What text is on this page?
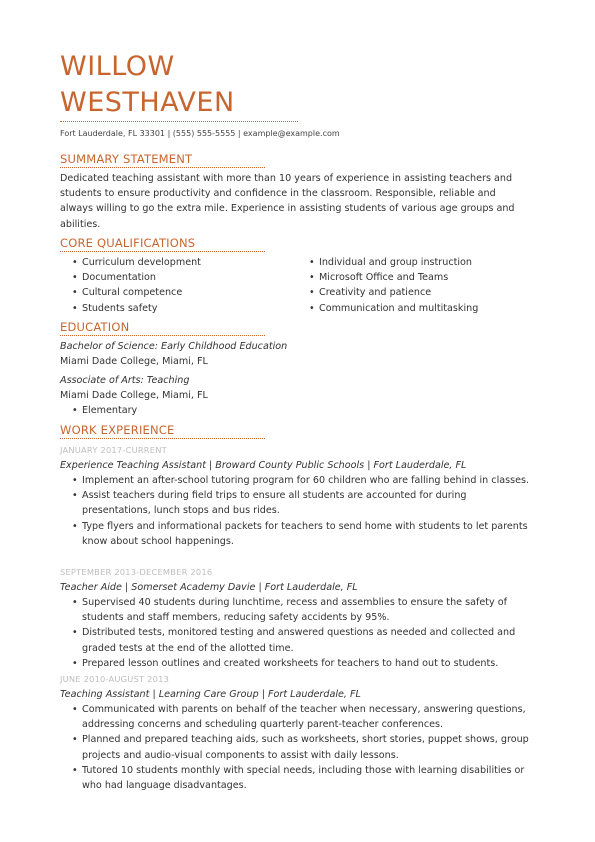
WILLOW
WESTHAVEN
Fort Lauderdale, FL 33301 | (555) 555-5555 | example@example.com
SUMMARY STATEMENT
Dedicated teaching assistant with more than 10 years of experience in assisting teachers and students to ensure productivity and confidence in the classroom. Responsible, reliable and always willing to go the extra mile. Experience in assisting students of various age groups and abilities.
CORE QUALIFICATIONS
• Curriculum development
• Documentation
• Cultural competence
• Students safety
• Individual and group instruction
• Microsoft Office and Teams
• Creativity and patience
• Communication and multitasking
EDUCATION
Bachelor of Science: Early Childhood Education
Miami Dade College, Miami, FL
Associate of Arts: Teaching
Miami Dade College, Miami, FL
• Elementary
WORK EXPERIENCE
JANUARY 2017-CURRENT
Experience Teaching Assistant | Broward County Public Schools | Fort Lauderdale, FL
• Implement an after-school tutoring program for 60 children who are falling behind in classes.
• Assist teachers during field trips to ensure all students are accounted for during presentations, lunch stops and bus rides.
• Type flyers and informational packets for teachers to send home with students to let parents know about school happenings.
SEPTEMBER 2013-DECEMBER 2016
Teacher Aide | Somerset Academy Davie | Fort Lauderdale, FL
• Supervised 40 students during lunchtime, recess and assemblies to ensure the safety of students and staff members, reducing safety accidents by 95%.
• Distributed tests, monitored testing and answered questions as needed and collected and graded tests at the end of the allotted time.
• Prepared lesson outlines and created worksheets for teachers to hand out to students.
JUNE 2010-AUGUST 2013
Teaching Assistant | Learning Care Group | Fort Lauderdale, FL
• Communicated with parents on behalf of the teacher when necessary, answering questions, addressing concerns and scheduling quarterly parent-teacher conferences.
• Planned and prepared teaching aids, such as worksheets, short stories, puppet shows, group projects and audio-visual components to assist with daily lessons.
• Tutored 10 students monthly with special needs, including those with learning disabilities or who had language disadvantages.
